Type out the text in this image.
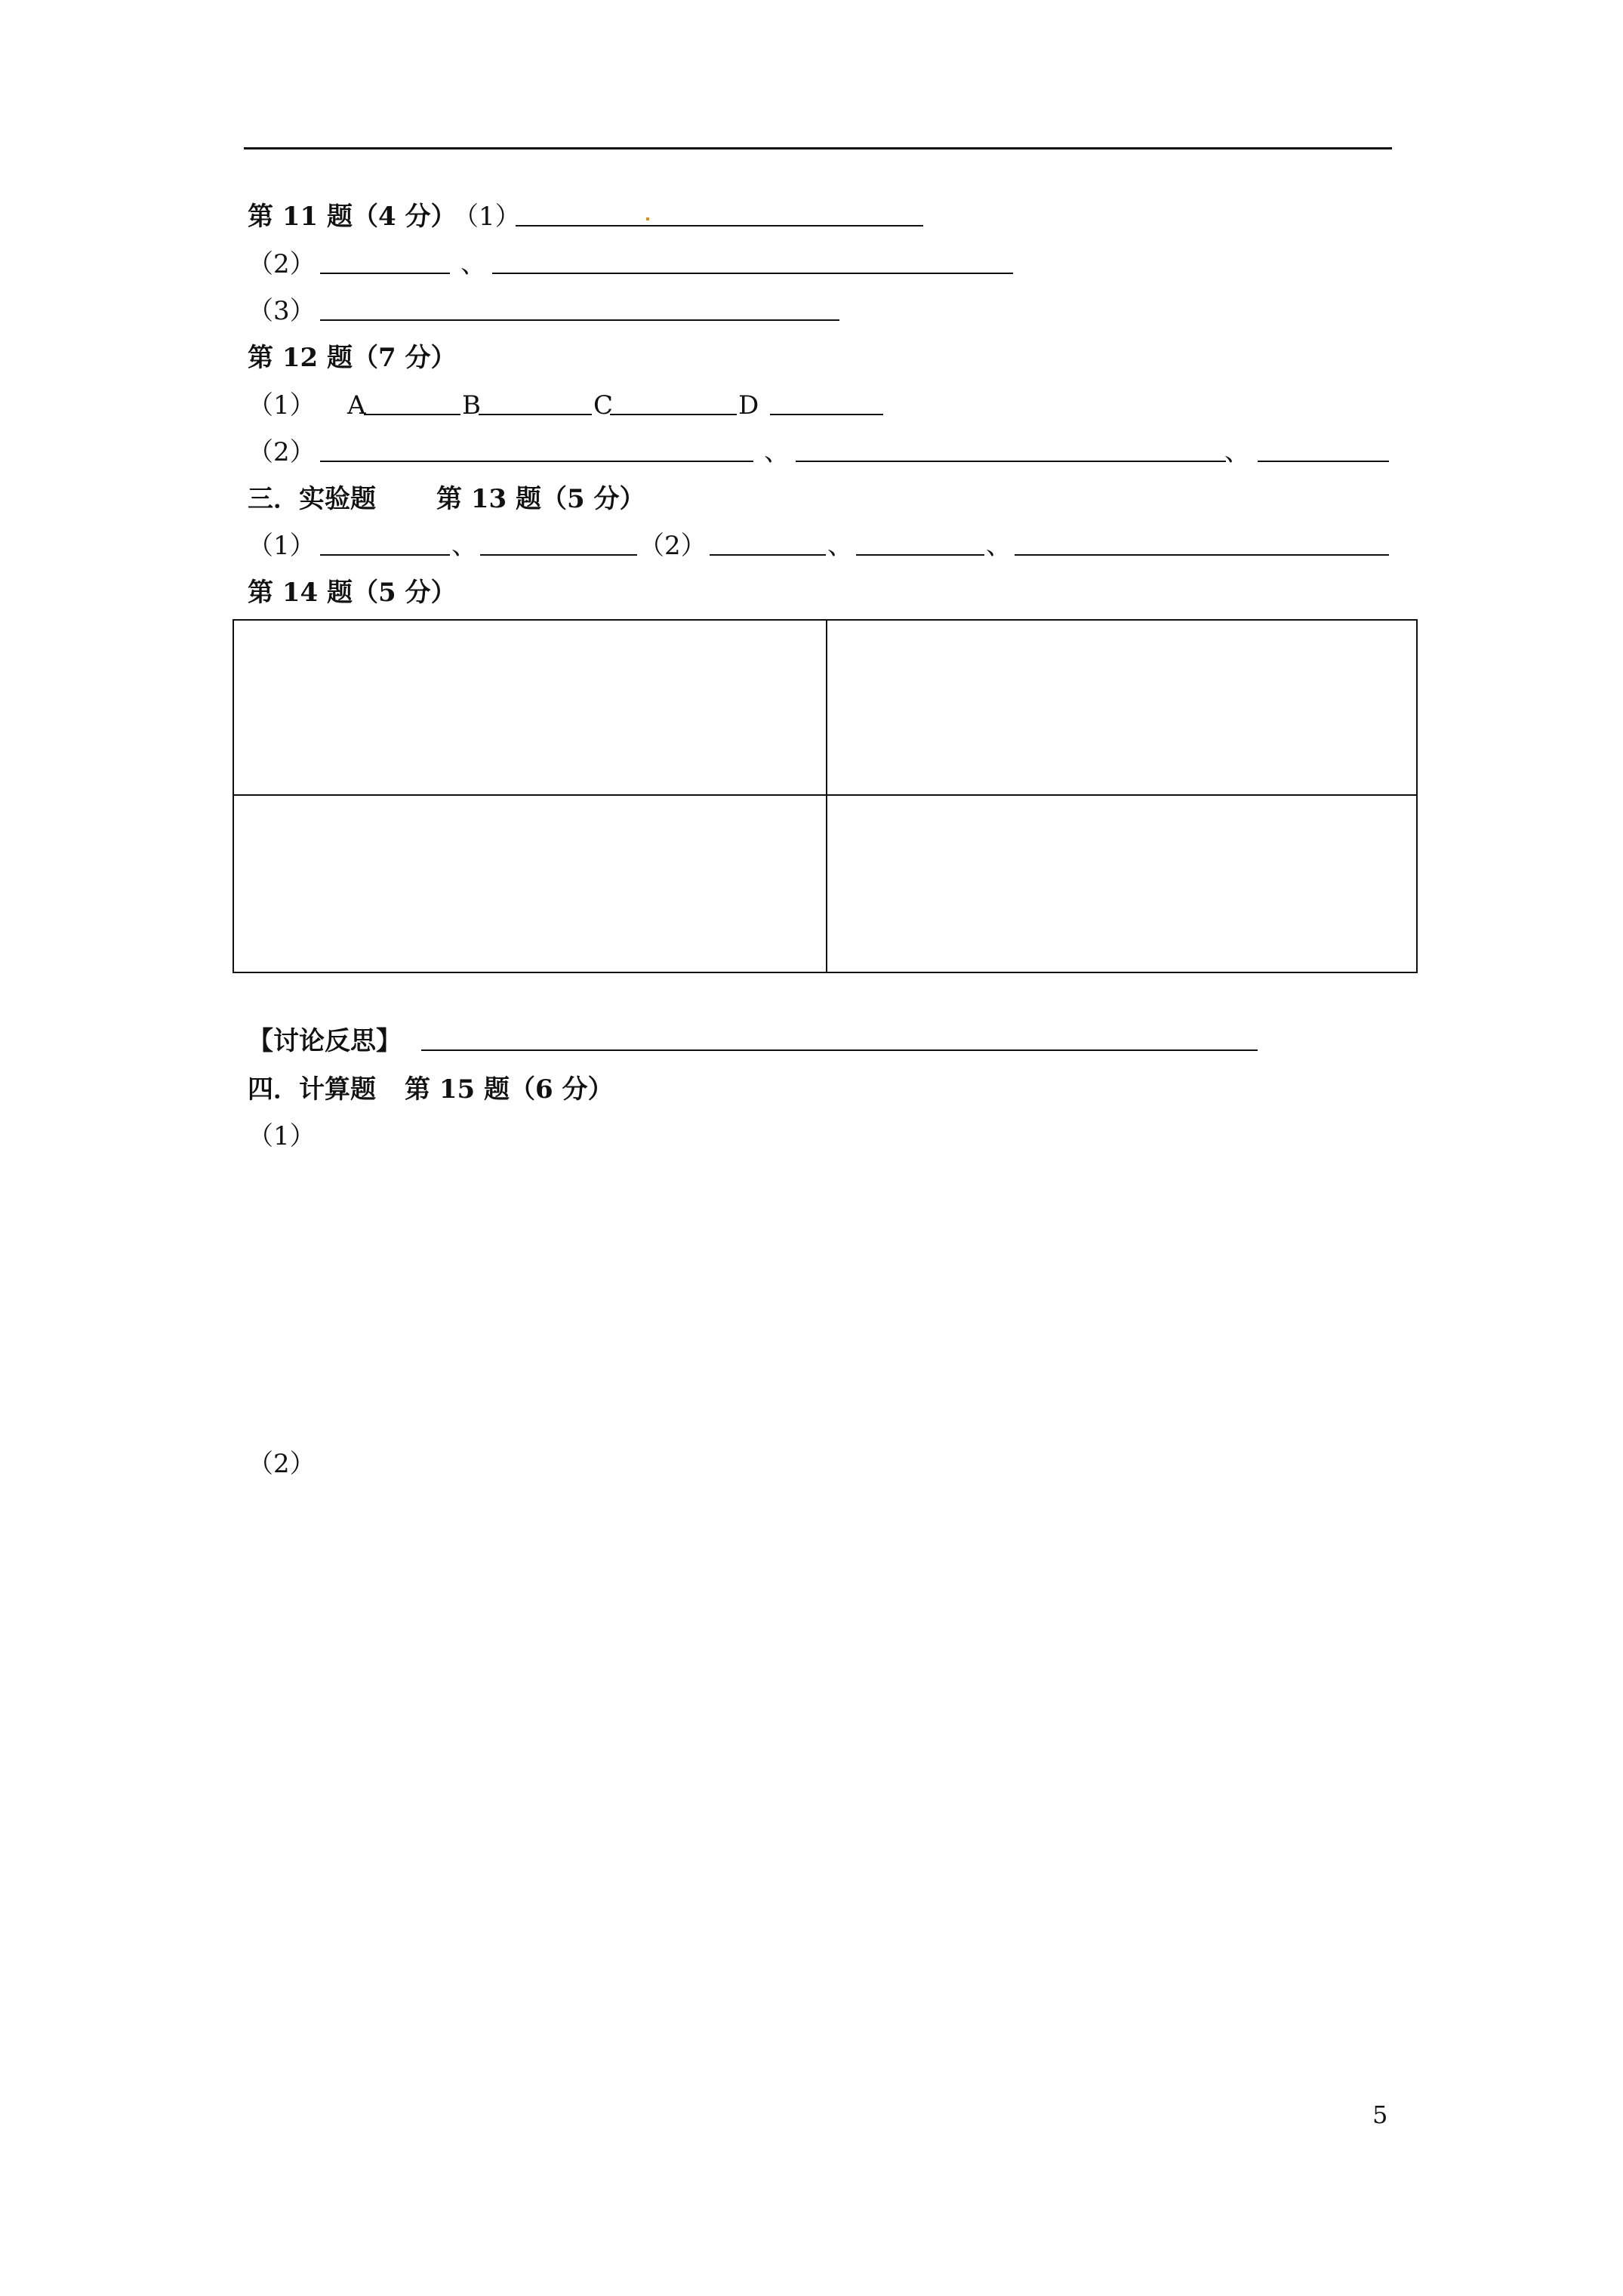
第 11 题（4 分）
（1）
（2）	、
（3）
第 12 题（7 分）
（1） A	B	C	D
（2）	、	、
三．实验题 第 13 题（5 分）
（1）	、	（2）	、	、
第 14 题（5 分）
【讨论反思】
四．计算题 第 15 题（6 分）
（1）
（2）
5
